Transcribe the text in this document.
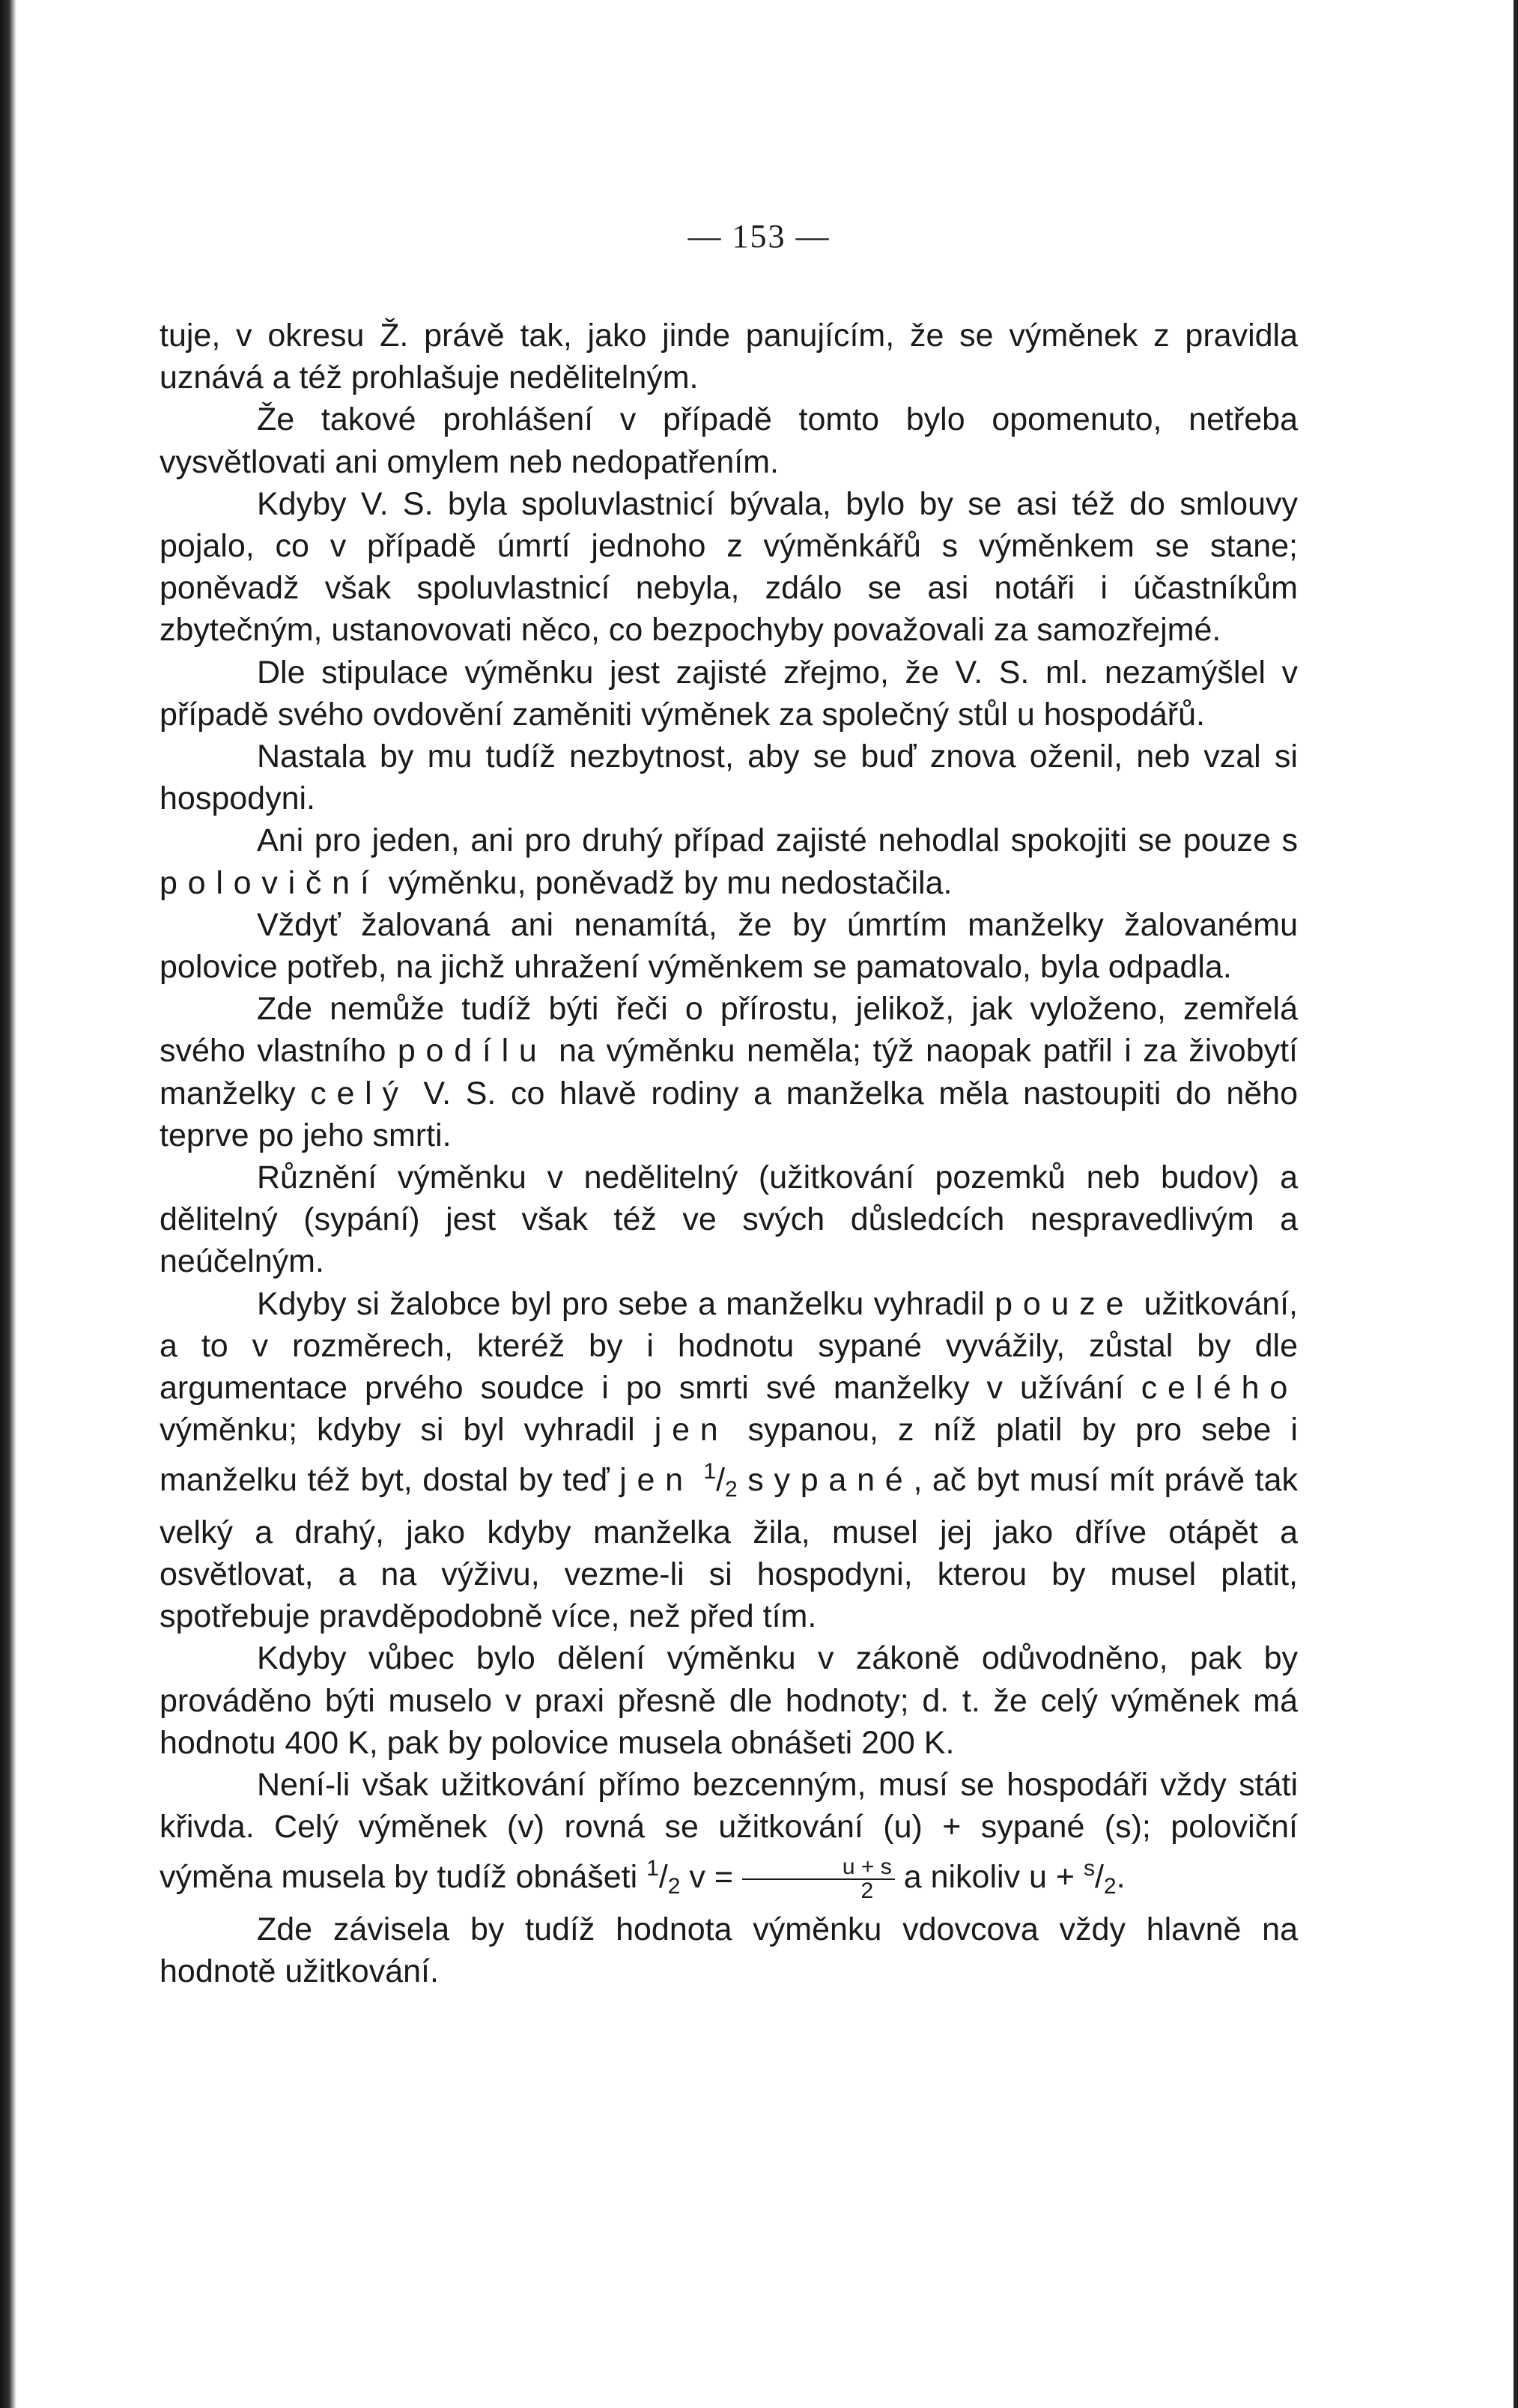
— 153 —

tuje, v okresu Ž. právě tak, jako jinde panujícím, že se výměnek z pravidla uznává a též prohlašuje nedělitelným.

Že takové prohlášení v případě tomto bylo opomenuto, netřeba vysvětlovati ani omylem neb nedopatřením.

Kdyby V. S. byla spoluvlastnicí bývala, bylo by se asi též do smlouvy pojalo, co v případě úmrtí jednoho z výměnkářů s výměnkem se stane; poněvadž však spoluvlastnicí nebyla, zdálo se asi notáři i účastníkům zbytečným, ustanovovati něco, co bezpochyby považovali za samozřejmé.

Dle stipulace výměnku jest zajisté zřejmo, že V. S. ml. nezamýšlel v případě svého ovdovění zaměniti výměnek za společný stůl u hospodářů.

Nastala by mu tudíž nezbytnost, aby se buď znova oženil, neb vzal si hospodyni.

Ani pro jeden, ani pro druhý případ zajisté nehodlal spokojiti se pouze s poloviční výměnku, poněvadž by mu nedostačila.

Vždyť žalovaná ani nenamítá, že by úmrtím manželky žalovanému polovice potřeb, na jichž uhražení výměnkem se pamatovalo, byla odpadla.

Zde nemůže tudíž býti řeči o přírostu, jelikož, jak vyloženo, zemřelá svého vlastního podílu na výměnku neměla; týž naopak patřil i za živobytí manželky celý V. S. co hlavě rodiny a manželka měla nastoupiti do něho teprve po jeho smrti.

Různění výměnku v nedělitelný (užitkování pozemků neb budov) a dělitelný (sypání) jest však též ve svých důsledcích nespravedlivým a neúčelným.

Kdyby si žalobce byl pro sebe a manželku vyhradil pouze užitkování, a to v rozměrech, kteréž by i hodnotu sypané vyvážily, zůstal by dle argumentace prvého soudce i po smrti své manželky v užívání celého výměnku; kdyby si byl vyhradil jen sypanou, z níž platil by pro sebe i manželku též byt, dostal by teď jen $^1/_2$ sypané, ač byt musí mít právě tak velký a drahý, jako kdyby manželka žila, musel jej jako dříve otápět a osvětlovat, a na výživu, vezme-li si hospodyni, kterou by musel platit, spotřebuje pravděpodobně více, než před tím.

Kdyby vůbec bylo dělení výměnku v zákoně odůvodněno, pak by prováděno býti muselo v praxi přesně dle hodnoty; d. t. že celý výměnek má hodnotu 400 K, pak by polovice musela obnášeti 200 K.

Není-li však užitkování přímo bezcenným, musí se hospodáři vždy státi křivda. Celý výměnek (v) rovná se užitkování (u) + sypané (s); poloviční výměna musela by tudíž obnášeti $^1/_2$ $v = \frac{u + s}{2}$ a nikoliv $u + ^s/_2$.

Zde závisela by tudíž hodnota výměnku vdovcova vždy hlavně na hodnotě užitkování.
